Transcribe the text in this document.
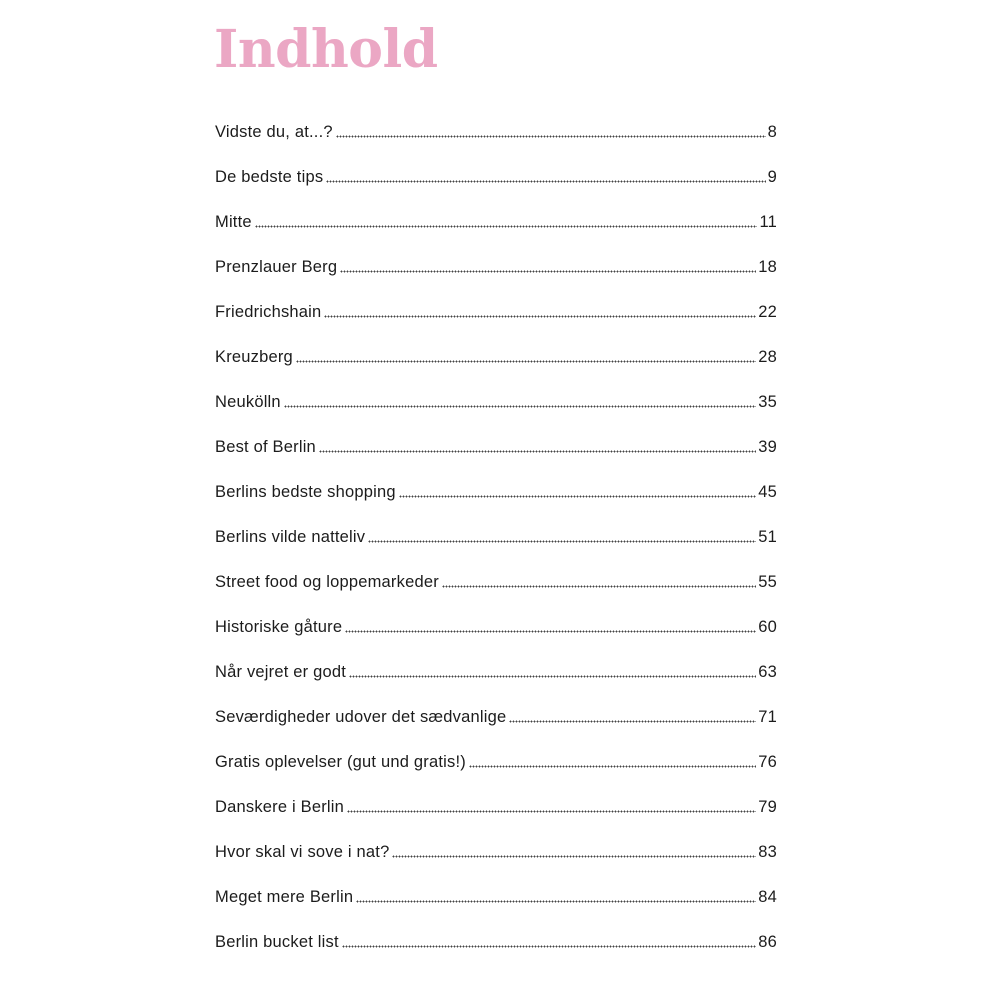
Indhold
Vidste du, at...?	8
De bedste tips	9
Mitte	11
Prenzlauer Berg	18
Friedrichshain	22
Kreuzberg	28
Neukölln	35
Best of Berlin	39
Berlins bedste shopping	45
Berlins vilde natteliv	51
Street food og loppemarkeder	55
Historiske gåture	60
Når vejret er godt	63
Seværdigheder udover det sædvanlige	71
Gratis oplevelser (gut und gratis!)	76
Danskere i Berlin	79
Hvor skal vi sove i nat?	83
Meget mere Berlin	84
Berlin bucket list	86
